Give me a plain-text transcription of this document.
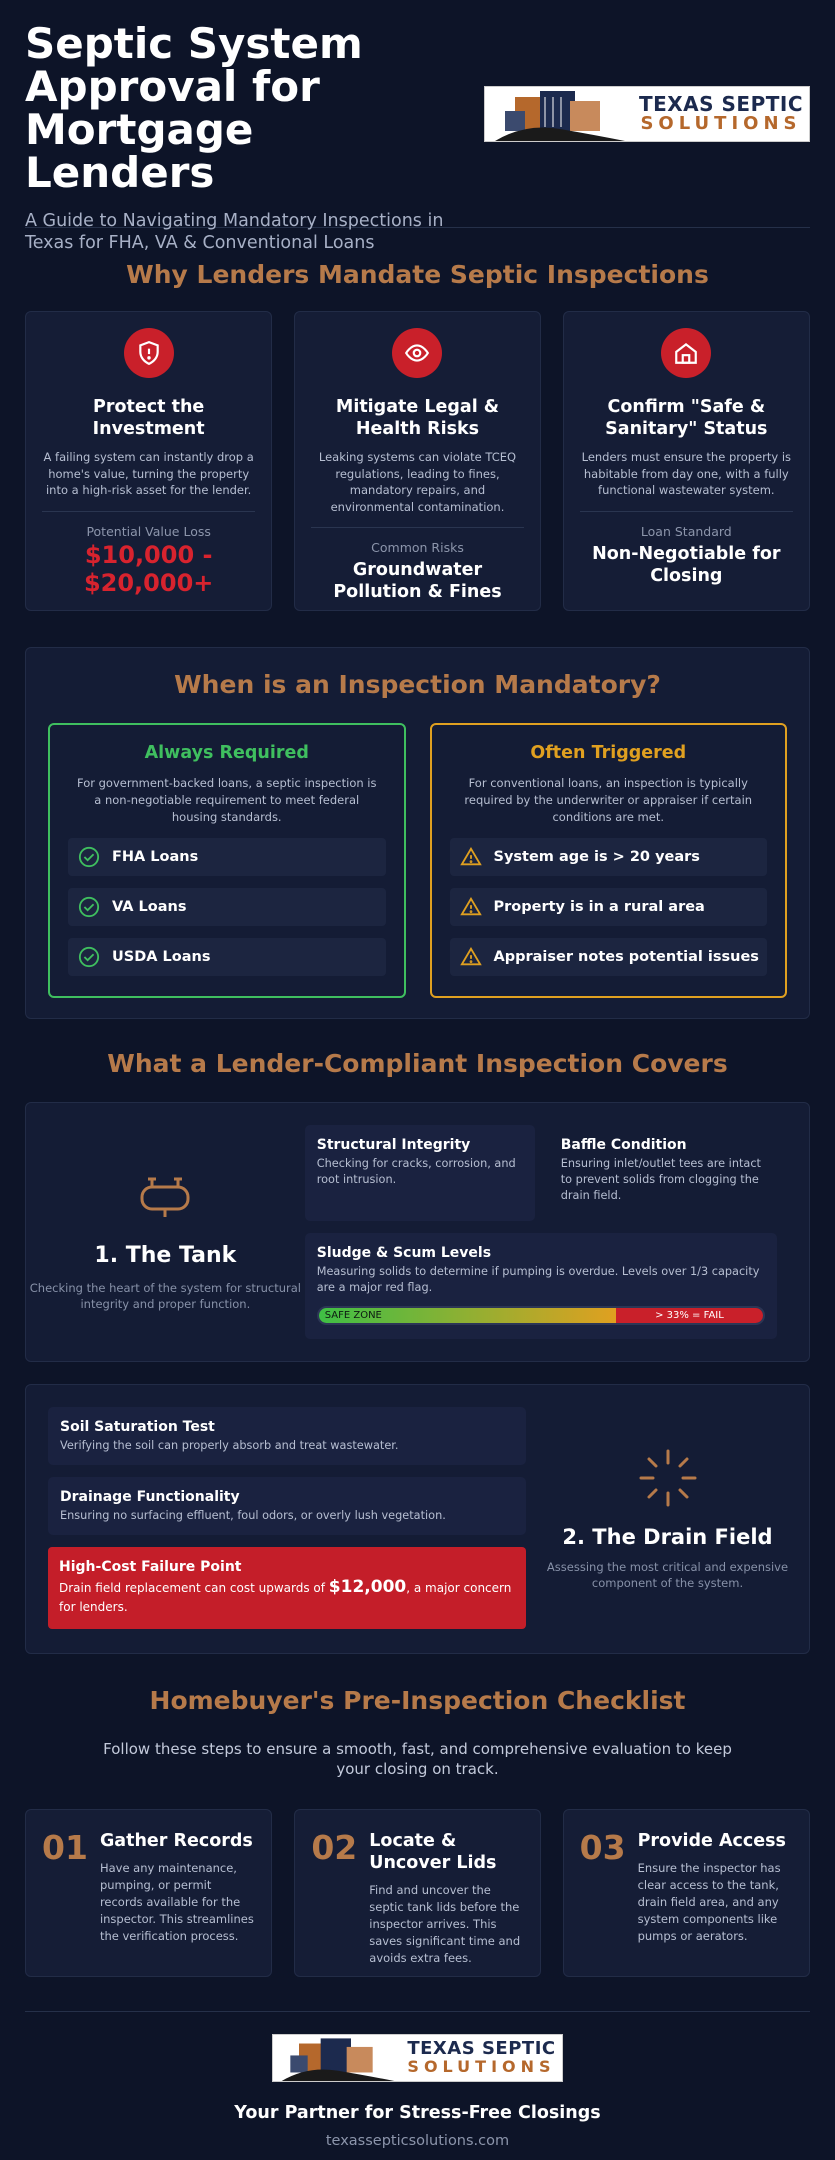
Septic System Approval for Mortgage Lenders
A Guide to Navigating Mandatory Inspections in Texas for FHA, VA & Conventional Loans
TEXAS SEPTIC
SOLUTIONS
Why Lenders Mandate Septic Inspections
Protect the Investment

A failing system can instantly drop a home's value, turning the property into a high-risk asset for the lender.

Potential Value Loss
$10,000 - $20,000+
Mitigate Legal & Health Risks

Leaking systems can violate TCEQ regulations, leading to fines, mandatory repairs, and environmental contamination.

Common Risks
Groundwater Pollution & Fines
Confirm "Safe & Sanitary" Status

Lenders must ensure the property is habitable from day one, with a fully functional wastewater system.

Loan Standard
Non-Negotiable for Closing
When is an Inspection Mandatory?
Always Required
For government-backed loans, a septic inspection is a non-negotiable requirement to meet federal housing standards.
FHA Loans
VA Loans
USDA Loans
Often Triggered
For conventional loans, an inspection is typically required by the underwriter or appraiser if certain conditions are met.
System age is > 20 years
Property is in a rural area
Appraiser notes potential issues
What a Lender-Compliant Inspection Covers
1. The Tank

Checking the heart of the system for structural integrity and proper function.

Structural Integrity

Checking for cracks, corrosion, and root intrusion.

Baffle Condition

Ensuring inlet/outlet tees are intact to prevent solids from clogging the drain field.

Sludge & Scum Levels

Measuring solids to determine if pumping is overdue. Levels over 1/3 capacity are a major red flag.

SAFE ZONE	> 33% = FAIL
Soil Saturation Test

Verifying the soil can properly absorb and treat wastewater.

Drainage Functionality

Ensuring no surfacing effluent, foul odors, or overly lush vegetation.

High-Cost Failure Point

Drain field replacement can cost upwards of $12,000, a major concern for lenders.

2. The Drain Field

Assessing the most critical and expensive component of the system.

Homebuyer's Pre-Inspection Checklist
Follow these steps to ensure a smooth, fast, and comprehensive evaluation to keep your closing on track.
01 Gather Records

Have any maintenance, pumping, or permit records available for the inspector. This streamlines the verification process.

02 Locate & Uncover Lids

Find and uncover the septic tank lids before the inspector arrives. This saves significant time and avoids extra fees.

03 Provide Access

Ensure the inspector has clear access to the tank, drain field area, and any system components like pumps or aerators.

TEXAS SEPTIC
SOLUTIONS
Your Partner for Stress-Free Closings
texassepticsolutions.com
